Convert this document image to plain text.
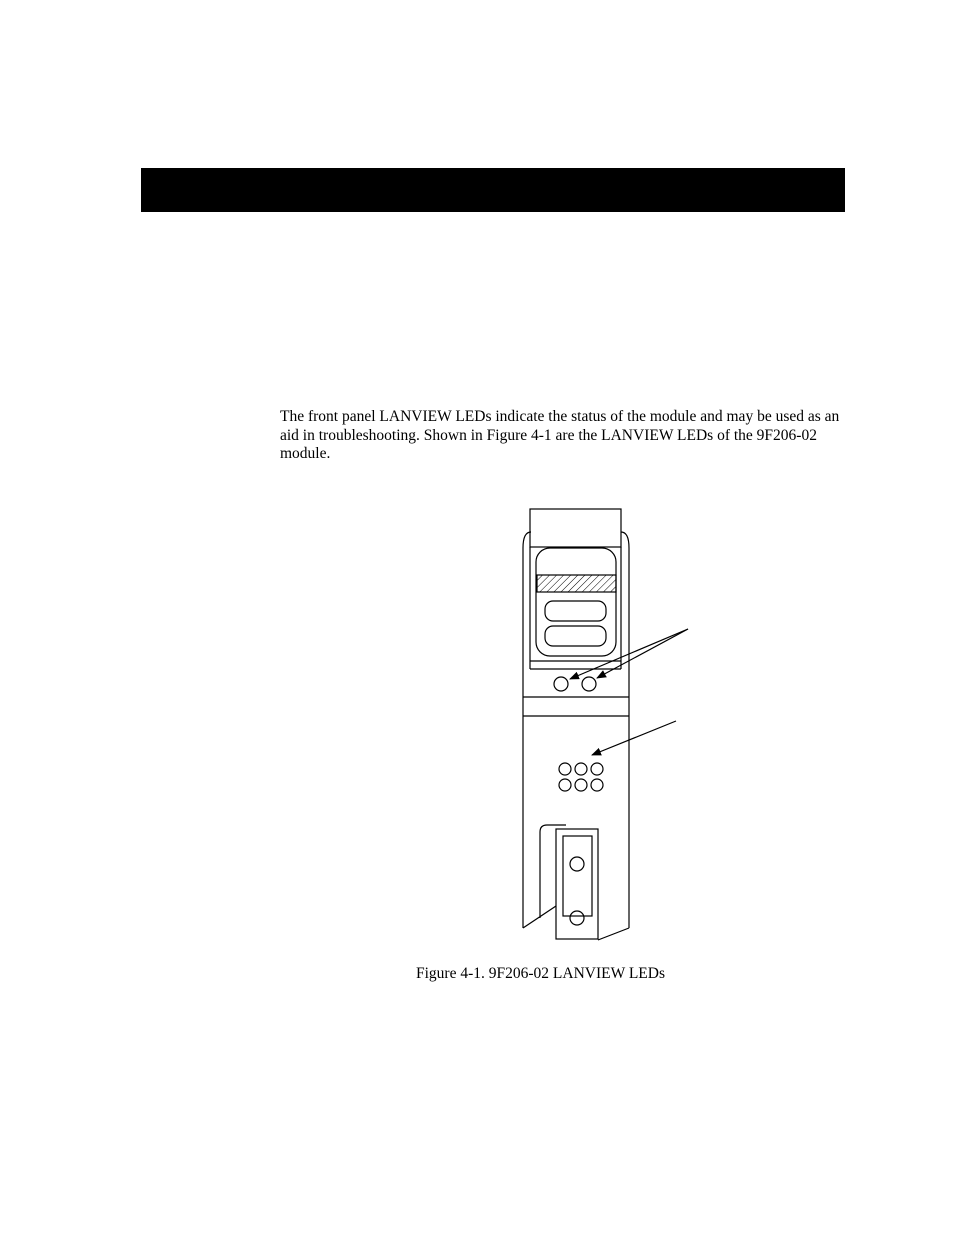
The front panel LANVIEW LEDs indicate the status of the module and may be used as an aid in troubleshooting. Shown in Figure 4-1 are the LANVIEW LEDs of the 9F206-02 module.

Figure 4-1. 9F206-02 LANVIEW LEDs
